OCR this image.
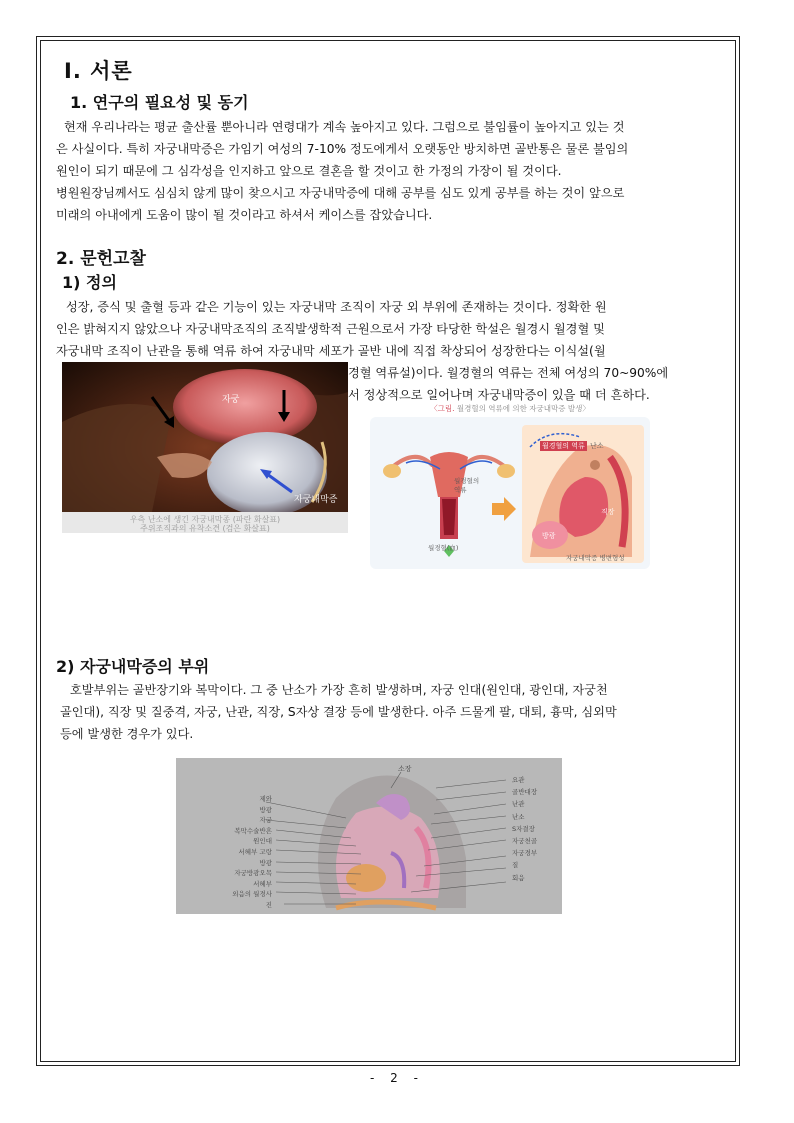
Ⅰ. 서론
1. 연구의 필요성 및 동기
현재 우리나라는 평균 출산률 뿐아니라 연령대가 계속 높아지고 있다. 그럼으로 불임률이 높아지고 있는 것
은 사실이다. 특히 자궁내막증은 가임기 여성의 7-10% 정도에게서 오랫동안 방치하면 골반통은 물론 불임의
원인이 되기 때문에 그 심각성을 인지하고 앞으로 결혼을 할 것이고 한 가정의 가장이 될 것이다.
병원원장님께서도 심심치 않게 많이 찾으시고 자궁내막증에 대해 공부를 심도 있게 공부를 하는 것이 앞으로
미래의 아내에게 도움이 많이 될 것이라고 하셔서 케이스를 잡았습니다.
2. 문헌고찰
1) 정의
성장, 증식 및 출혈 등과 같은 기능이 있는 자궁내막 조직이 자궁 외 부위에 존재하는 것이다. 정확한 원
인은 밝혀지지 않았으나 자궁내막조직의 조직발생학적 근원으로서 가장 타당한 학설은 월경시 월경혈 및
자궁내막 조직이 난관을 통해 역류 하여 자궁내막 세포가 골반 내에 직접 착상되어 성장한다는 이식설(월
경혈 역류설)이다. 월경혈의 역류는 전체 여성의 70~90%에
서 정상적으로 일어나며 자궁내막증이 있을 때 더 흔하다.
자궁
자궁내막증
우측 난소에 생긴 자궁내막종 (파란 화살표)
주위조직과의 유착소견 (검은 화살표)
〈그림. 월경혈의 역류에 의한 자궁내막증 발생〉
월경혈의
역류
월경혈(血)
월경혈의 역류 난소
직장
방광
자궁내막증 병변형성
2) 자궁내막증의 부위
호발부위는 골반장기와 복막이다. 그 중 난소가 가장 흔히 발생하며, 자궁 인대(원인대, 광인대, 자궁천
골인대), 직장 및 질중격, 자궁, 난관, 직장, S자상 결장 등에 발생한다. 아주 드물게 팔, 대퇴, 흉막, 심외막
등에 발생한 경우가 있다.
소장
제와
방광
자궁
복막수술반흔
원인대
서혜부 고랑
방광
자궁방광오목
서혜부
외음의 월경사진
요관
골반대장
난관
난소
S자결장
자궁천골
자궁경부
질
회음
- 2 -
